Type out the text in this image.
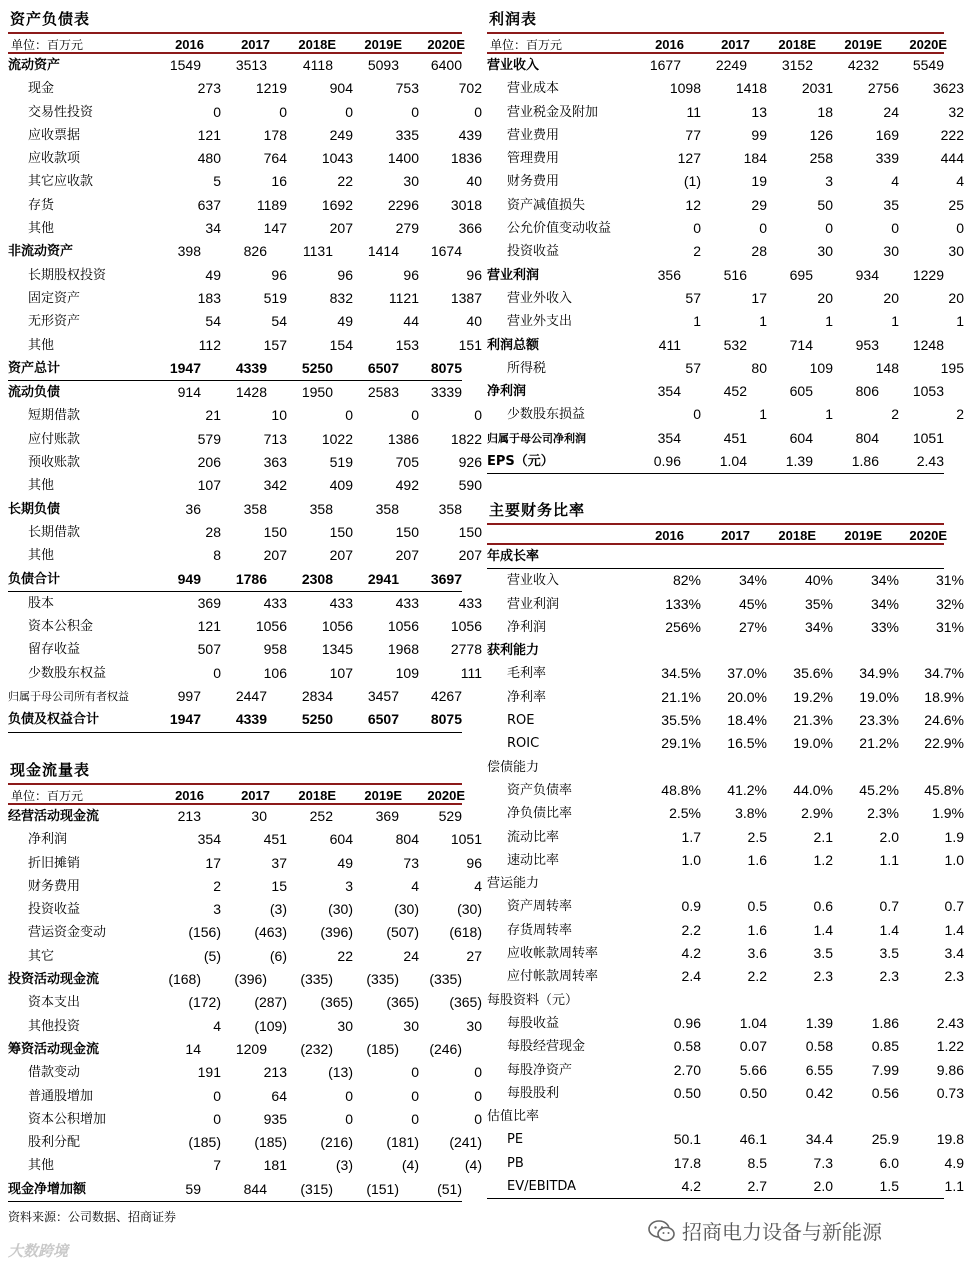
资产负债表
单位：百万元	2016	2017	2018E	2019E	2020E
流动资产	1549	3513	4118	5093	6400
现金	273	1219	904	753	702
交易性投资	0	0	0	0	0
应收票据	121	178	249	335	439
应收款项	480	764	1043	1400	1836
其它应收款	5	16	22	30	40
存货	637	1189	1692	2296	3018
其他	34	147	207	279	366
非流动资产	398	826	1131	1414	1674
长期股权投资	49	96	96	96	96
固定资产	183	519	832	1121	1387
无形资产	54	54	49	44	40
其他	112	157	154	153	151
资产总计	1947	4339	5250	6507	8075
流动负债	914	1428	1950	2583	3339
短期借款	21	10	0	0	0
应付账款	579	713	1022	1386	1822
预收账款	206	363	519	705	926
其他	107	342	409	492	590
长期负债	36	358	358	358	358
长期借款	28	150	150	150	150
其他	8	207	207	207	207
负债合计	949	1786	2308	2941	3697
股本	369	433	433	433	433
资本公积金	121	1056	1056	1056	1056
留存收益	507	958	1345	1968	2778
少数股东权益	0	106	107	109	111
归属于母公司所有者权益	997	2447	2834	3457	4267
负债及权益合计	1947	4339	5250	6507	8075
现金流量表
单位：百万元	2016	2017	2018E	2019E	2020E
经营活动现金流	213	30	252	369	529
净利润	354	451	604	804	1051
折旧摊销	17	37	49	73	96
财务费用	2	15	3	4	4
投资收益	3	(3)	(30)	(30)	(30)
营运资金变动	(156)	(463)	(396)	(507)	(618)
其它	(5)	(6)	22	24	27
投资活动现金流	(168)	(396)	(335)	(335)	(335)
资本支出	(172)	(287)	(365)	(365)	(365)
其他投资	4	(109)	30	30	30
筹资活动现金流	14	1209	(232)	(185)	(246)
借款变动	191	213	(13)	0	0
普通股增加	0	64	0	0	0
资本公积增加	0	935	0	0	0
股利分配	(185)	(185)	(216)	(181)	(241)
其他	7	181	(3)	(4)	(4)
现金净增加额	59	844	(315)	(151)	(51)
利润表
单位：百万元	2016	2017	2018E	2019E	2020E
营业收入	1677	2249	3152	4232	5549
营业成本	1098	1418	2031	2756	3623
营业税金及附加	11	13	18	24	32
营业费用	77	99	126	169	222
管理费用	127	184	258	339	444
财务费用	(1)	19	3	4	4
资产减值损失	12	29	50	35	25
公允价值变动收益	0	0	0	0	0
投资收益	2	28	30	30	30
营业利润	356	516	695	934	1229
营业外收入	57	17	20	20	20
营业外支出	1	1	1	1	1
利润总额	411	532	714	953	1248
所得税	57	80	109	148	195
净利润	354	452	605	806	1053
少数股东损益	0	1	1	2	2
归属于母公司净利润	354	451	604	804	1051
EPS（元）	0.96	1.04	1.39	1.86	2.43
主要财务比率
2016	2017	2018E	2019E	2020E
年成长率
营业收入	82%	34%	40%	34%	31%
营业利润	133%	45%	35%	34%	32%
净利润	256%	27%	34%	33%	31%
获利能力
毛利率	34.5%	37.0%	35.6%	34.9%	34.7%
净利率	21.1%	20.0%	19.2%	19.0%	18.9%
ROE	35.5%	18.4%	21.3%	23.3%	24.6%
ROIC	29.1%	16.5%	19.0%	21.2%	22.9%
偿债能力
资产负债率	48.8%	41.2%	44.0%	45.2%	45.8%
净负债比率	2.5%	3.8%	2.9%	2.3%	1.9%
流动比率	1.7	2.5	2.1	2.0	1.9
速动比率	1.0	1.6	1.2	1.1	1.0
营运能力
资产周转率	0.9	0.5	0.6	0.7	0.7
存货周转率	2.2	1.6	1.4	1.4	1.4
应收帐款周转率	4.2	3.6	3.5	3.5	3.4
应付帐款周转率	2.4	2.2	2.3	2.3	2.3
每股资料（元）
每股收益	0.96	1.04	1.39	1.86	2.43
每股经营现金	0.58	0.07	0.58	0.85	1.22
每股净资产	2.70	5.66	6.55	7.99	9.86
每股股利	0.50	0.50	0.42	0.56	0.73
估值比率
PE	50.1	46.1	34.4	25.9	19.8
PB	17.8	8.5	7.3	6.0	4.9
EV/EBITDA	4.2	2.7	2.0	1.5	1.1
资料来源：公司数据、招商证券
大数跨境
招商电力设备与新能源
